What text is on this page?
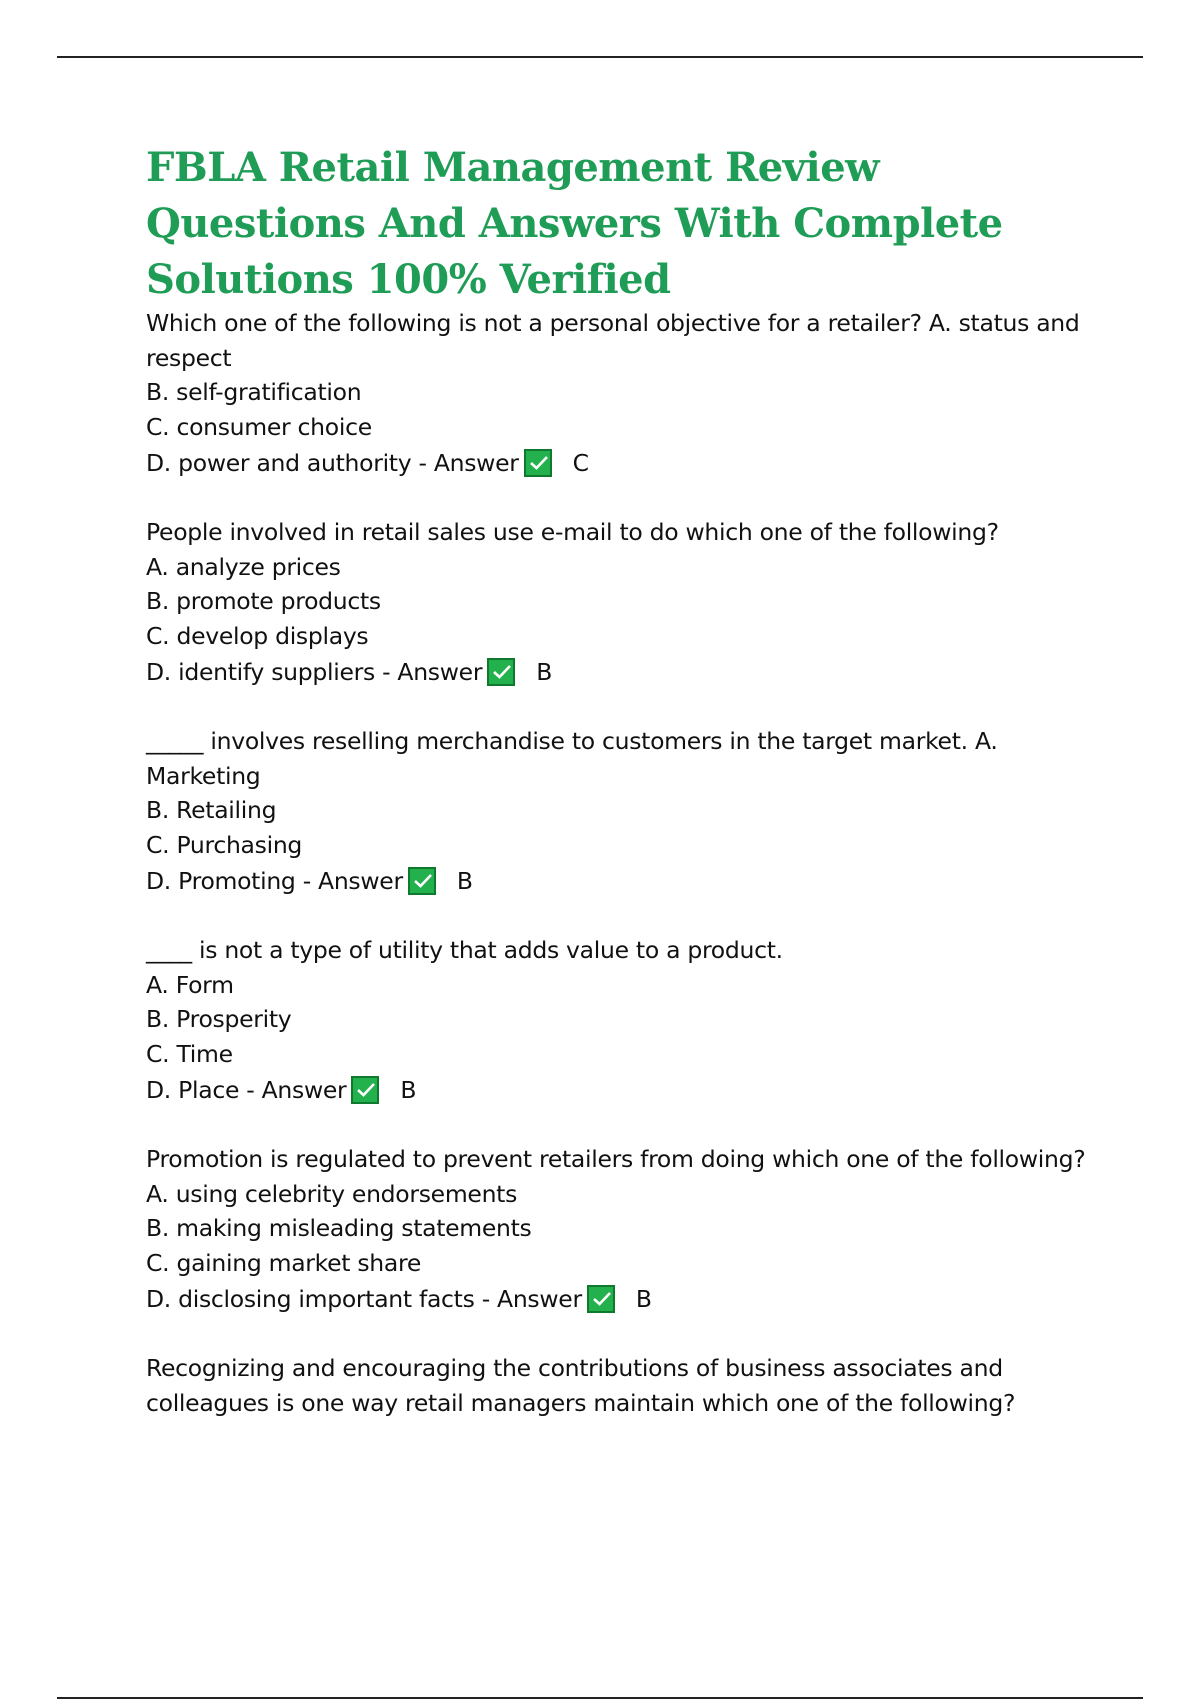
FBLA Retail Management Review Questions And Answers With Complete Solutions 100% Verified

Which one of the following is not a personal objective for a retailer? A. status and respect

B. self-gratification

C. consumer choice

D. power and authority - Answer C

People involved in retail sales use e-mail to do which one of the following?

A. analyze prices

B. promote products

C. develop displays

D. identify suppliers - Answer B

_____ involves reselling merchandise to customers in the target market. A. Marketing

B. Retailing

C. Purchasing

D. Promoting - Answer B

____ is not a type of utility that adds value to a product.

A. Form

B. Prosperity

C. Time

D. Place - Answer B

Promotion is regulated to prevent retailers from doing which one of the following?

A. using celebrity endorsements

B. making misleading statements

C. gaining market share

D. disclosing important facts - Answer B

Recognizing and encouraging the contributions of business associates and colleagues is one way retail managers maintain which one of the following?
